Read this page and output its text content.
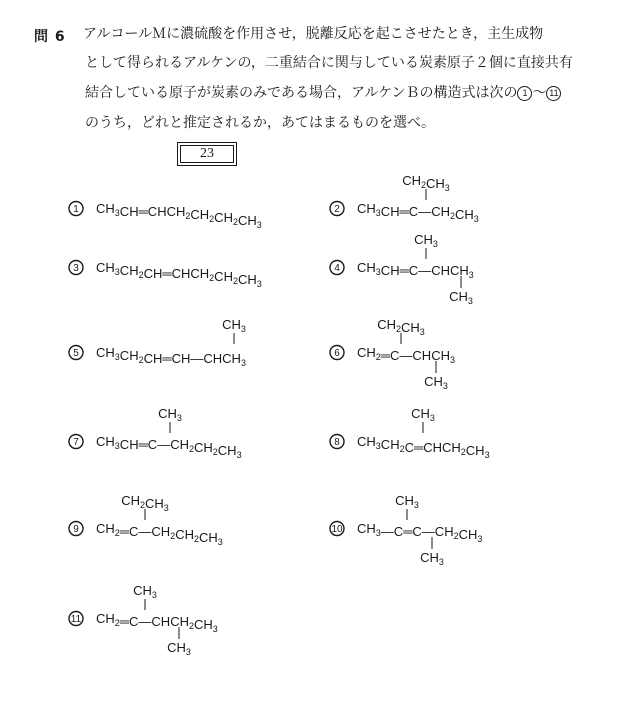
問 6 アルコールＭに濃硫酸を作用させ，脱離反応を起こさせたとき，主生成物
として得られるアルケンの，二重結合に関与している炭素原子２個に直接共有
結合している原子が炭素のみである場合，アルケンＢの構造式は次の 1 〜 11
のうち，どれと推定されるか，あてはまるものを選べ。
23
1 $CH_3CH═CHCH_2CH_2CH_2CH_3$
2 $CH_3CH═C—CH_2CH_3$
$CH_2CH_3$
3 $CH_3CH_2CH═CHCH_2CH_2CH_3$
4 $CH_3CH═C—CHCH_3$
$CH_3$
$CH_3$
5 $CH_3CH_2CH═CH—CHCH_3$
$CH_3$
6 $CH_2═C—CHCH_3$
$CH_2CH_3$
$CH_3$
7 $CH_3CH═C—CH_2CH_2CH_3$
$CH_3$
8 $CH_3CH_2C═CHCH_2CH_3$
$CH_3$
9 $CH_2═C—CH_2CH_2CH_3$
$CH_2CH_3$
10 $CH_3—C═C—CH_2CH_3$
$CH_3$
$CH_3$
11 $CH_2═C—CHCH_2CH_3$
$CH_3$
$CH_3$
